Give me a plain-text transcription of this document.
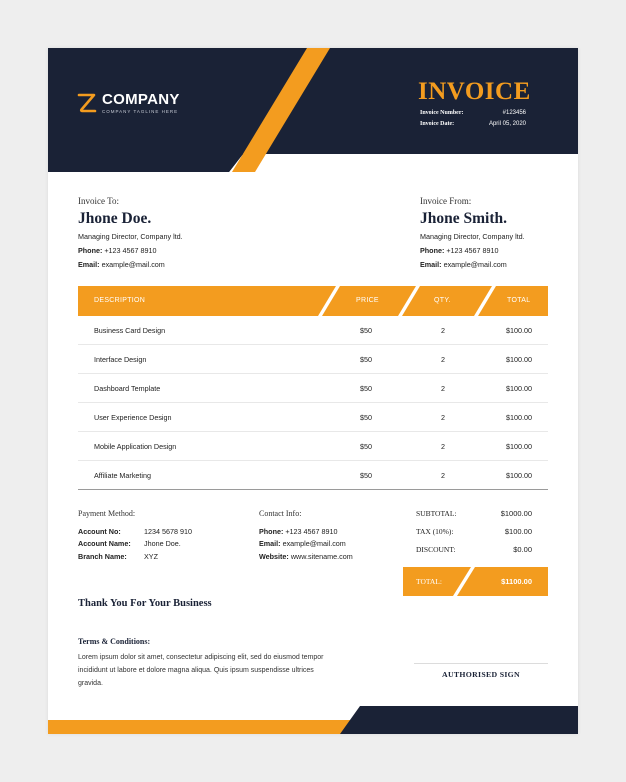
COMPANY
COMPANY TAGLINE HERE
INVOICE
Invoice Number:	#123456
Invoice Date:	April 05, 2020
Invoice To:
Jhone Doe.
Managing Director, Company ltd.
Phone: +123 4567 8910
Email: example@mail.com
Invoice From:
Jhone Smith.
Managing Director, Company ltd.
Phone: +123 4567 8910
Email: example@mail.com
DESCRIPTION	PRICE	QTY.	TOTAL
Business Card Design	$50	2	$100.00
Interface Design	$50	2	$100.00
Dashboard Template	$50	2	$100.00
User Experience Design	$50	2	$100.00
Mobile Application Design	$50	2	$100.00
Affiliate Marketing	$50	2	$100.00
Payment Method:
Account No:	1234 5678 910
Account Name:	Jhone Doe.
Branch Name:	XYZ
Contact Info:
Phone: +123 4567 8910
Email: example@mail.com
Website: www.sitename.com
SUBTOTAL:	$1000.00
TAX (10%):	$100.00
DISCOUNT:	$0.00
TOTAL:	$1100.00
Thank You For Your Business
Terms & Conditions:
Lorem ipsum dolor sit amet, consectetur adipiscing elit, sed do eiusmod tempor incididunt ut labore et dolore magna aliqua. Quis ipsum suspendisse ultrices gravida.
AUTHORISED SIGN
